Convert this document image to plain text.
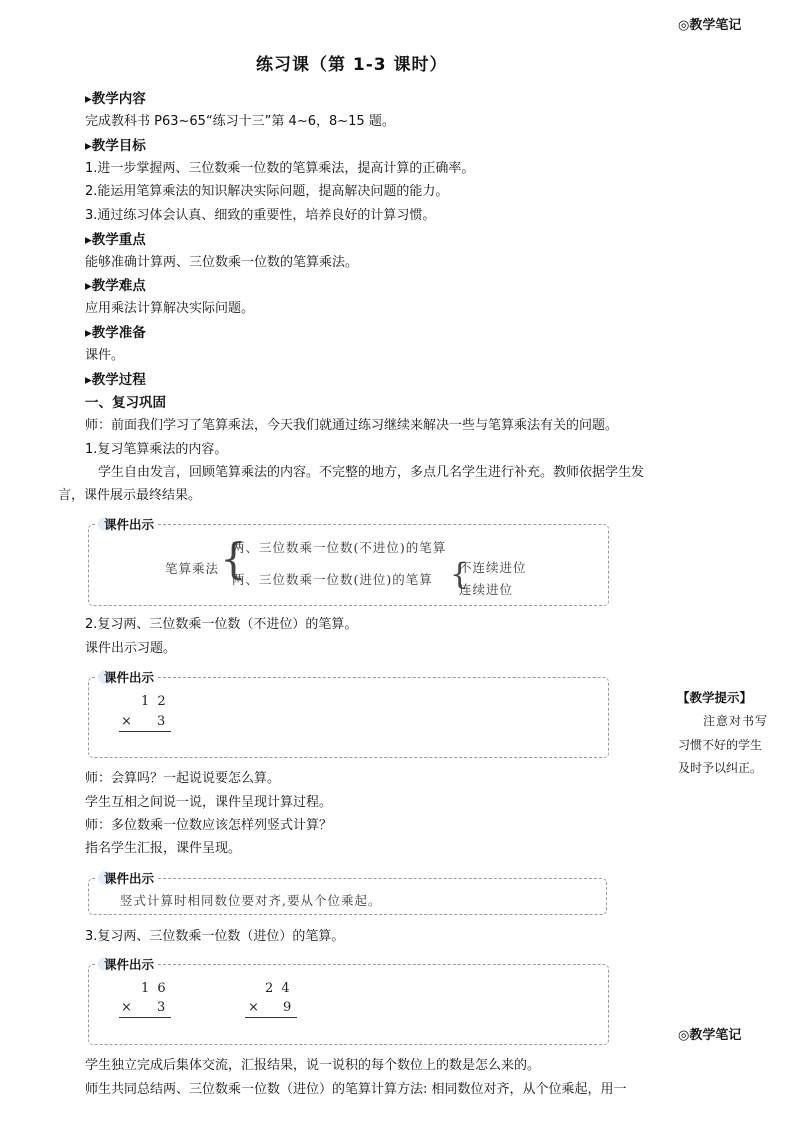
◎教学笔记
◎教学笔记
练习课（第 1-3 课时）
▸教学内容
完成教科书 P63~65“练习十三”第 4~6，8~15 题。
▸教学目标
1.进一步掌握两、三位数乘一位数的笔算乘法，提高计算的正确率。
2.能运用笔算乘法的知识解决实际问题，提高解决问题的能力。
3.通过练习体会认真、细致的重要性，培养良好的计算习惯。
▸教学重点
能够准确计算两、三位数乘一位数的笔算乘法。
▸教学难点
应用乘法计算解决实际问题。
▸教学准备
课件。
▸教学过程
一、复习巩固
师：前面我们学习了笔算乘法，今天我们就通过练习继续来解决一些与笔算乘法有关的问题。
1.复习笔算乘法的内容。
学生自由发言，回顾笔算乘法的内容。不完整的地方，多点几名学生进行补充。教师依据学生发
言，课件展示最终结果。
课件出示
笔算乘法 {
两、三位数乘一位数(不进位)的笔算
两、三位数乘一位数(进位)的笔算 {
不连续进位
连续进位
2.复习两、三位数乘一位数（不进位）的笔算。
课件出示习题。
课件出示
1 2
× 3
【教学提示】
注意对书写
习惯不好的学生
及时予以纠正。
师：会算吗？一起说说要怎么算。
学生互相之间说一说，课件呈现计算过程。
师：多位数乘一位数应该怎样列竖式计算？
指名学生汇报，课件呈现。
课件出示
竖式计算时相同数位要对齐,要从个位乘起。
3.复习两、三位数乘一位数（进位）的笔算。
课件出示
1 6
× 3
2 4
× 9
学生独立完成后集体交流，汇报结果，说一说积的每个数位上的数是怎么来的。
师生共同总结两、三位数乘一位数（进位）的笔算计算方法: 相同数位对齐，从个位乘起，用一
